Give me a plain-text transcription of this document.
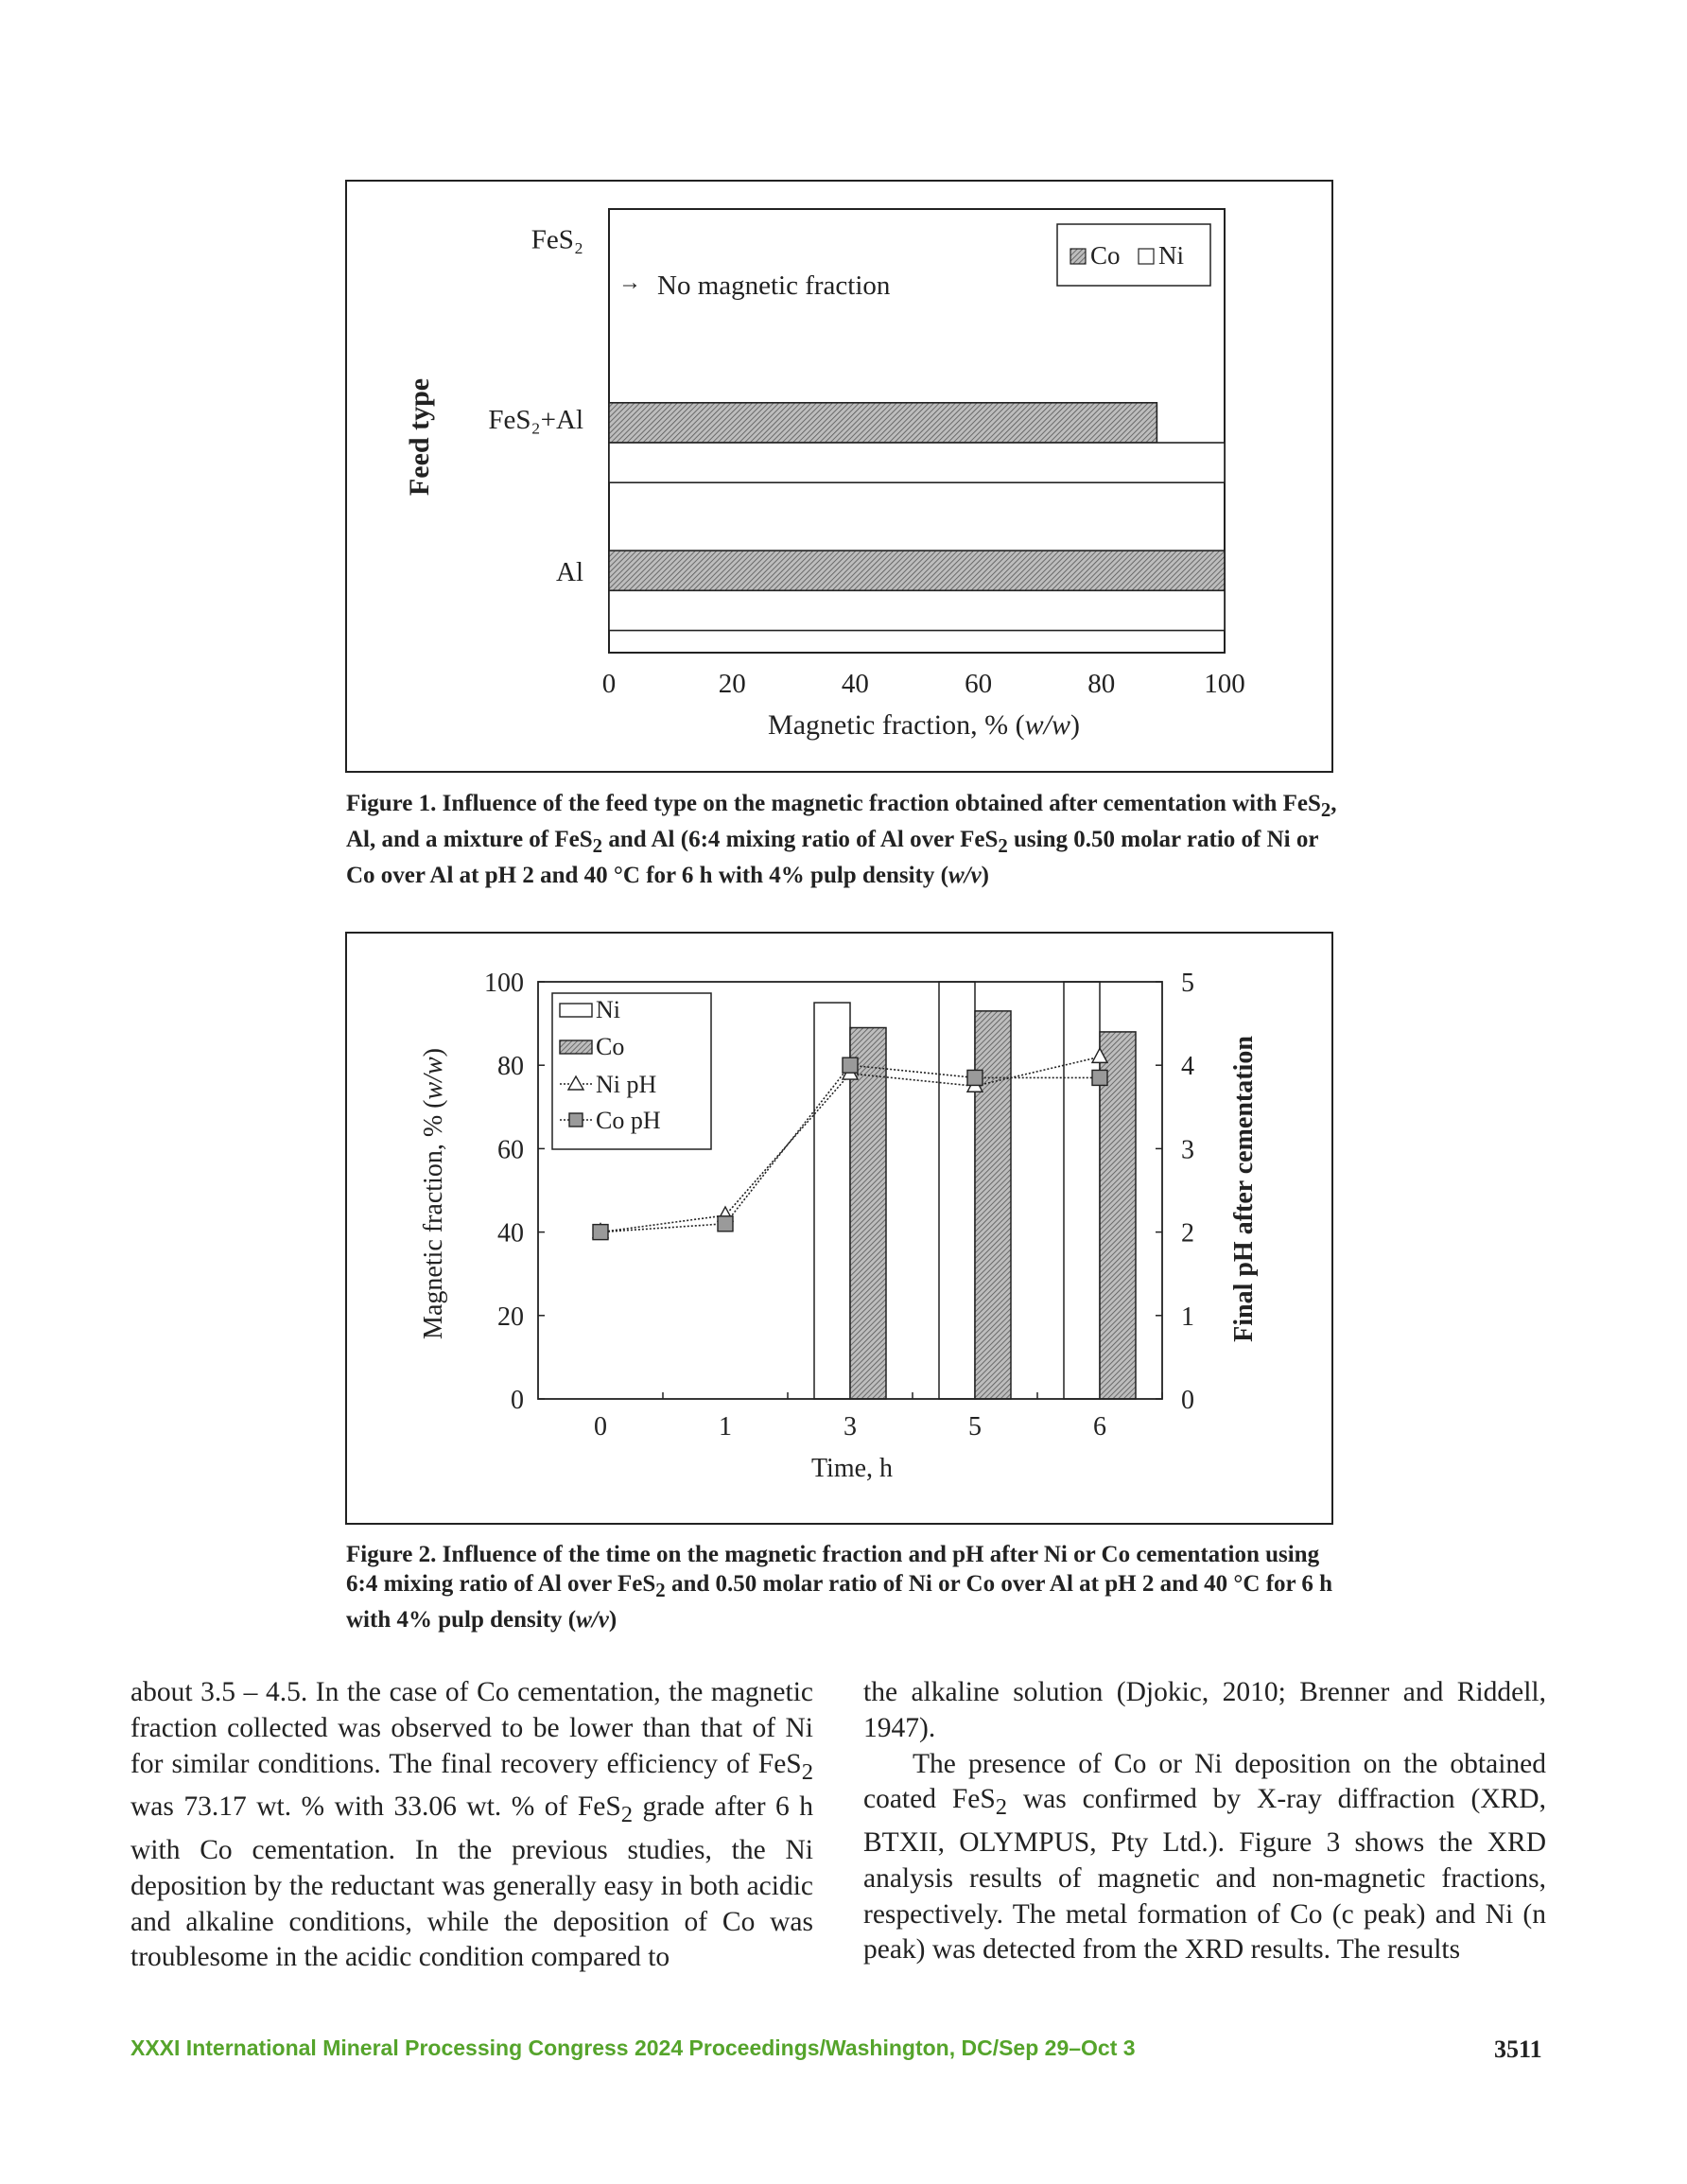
0	20	40	60	80	100
FeS₂
FeS₂+Al
Al
Co Ni
→ No magnetic fraction
Magnetic fraction, % (w/w)
Feed type
Figure 1. Influence of the feed type on the magnetic fraction obtained after cementation with FeS$_2$, Al, and a mixture of FeS$_2$ and Al (6:4 mixing ratio of Al over FeS$_2$ using 0.50 molar ratio of Ni or Co over Al at pH 2 and 40 °C for 6 h with 4% pulp density (w/v)
0
20
40
60
80
100
0
1
2
3
4
5
0	1	3	5	6
Ni
Co
Ni pH
Co pH
Magnetic fraction, % (w/w)	Final pH after cementation
Time, h
Figure 2. Influence of the time on the magnetic fraction and pH after Ni or Co cementation using 6:4 mixing ratio of Al over FeS$_2$ and 0.50 molar ratio of Ni or Co over Al at pH 2 and 40 °C for 6 h with 4% pulp density (w/v)

about 3.5 – 4.5. In the case of Co cementation, the magnetic fraction collected was observed to be lower than that of Ni for similar conditions. The final recovery efficiency of FeS$_2$ was 73.17 wt. % with 33.06 wt. % of FeS$_2$ grade after 6 h with Co cementation. In the previous studies, the Ni deposition by the reductant was generally easy in both acidic and alkaline conditions, while the deposition of Co was troublesome in the acidic condition compared to

the alkaline solution (Djokic, 2010; Brenner and Riddell, 1947).

The presence of Co or Ni deposition on the obtained coated FeS$_2$ was confirmed by X-ray diffraction (XRD, BTXII, OLYMPUS, Pty Ltd.). Figure 3 shows the XRD analysis results of magnetic and non-magnetic fractions, respectively. The metal formation of Co (c peak) and Ni (n peak) was detected from the XRD results. The results

XXXI International Mineral Processing Congress 2024 Proceedings/Washington, DC/Sep 29–Oct 3	3511
